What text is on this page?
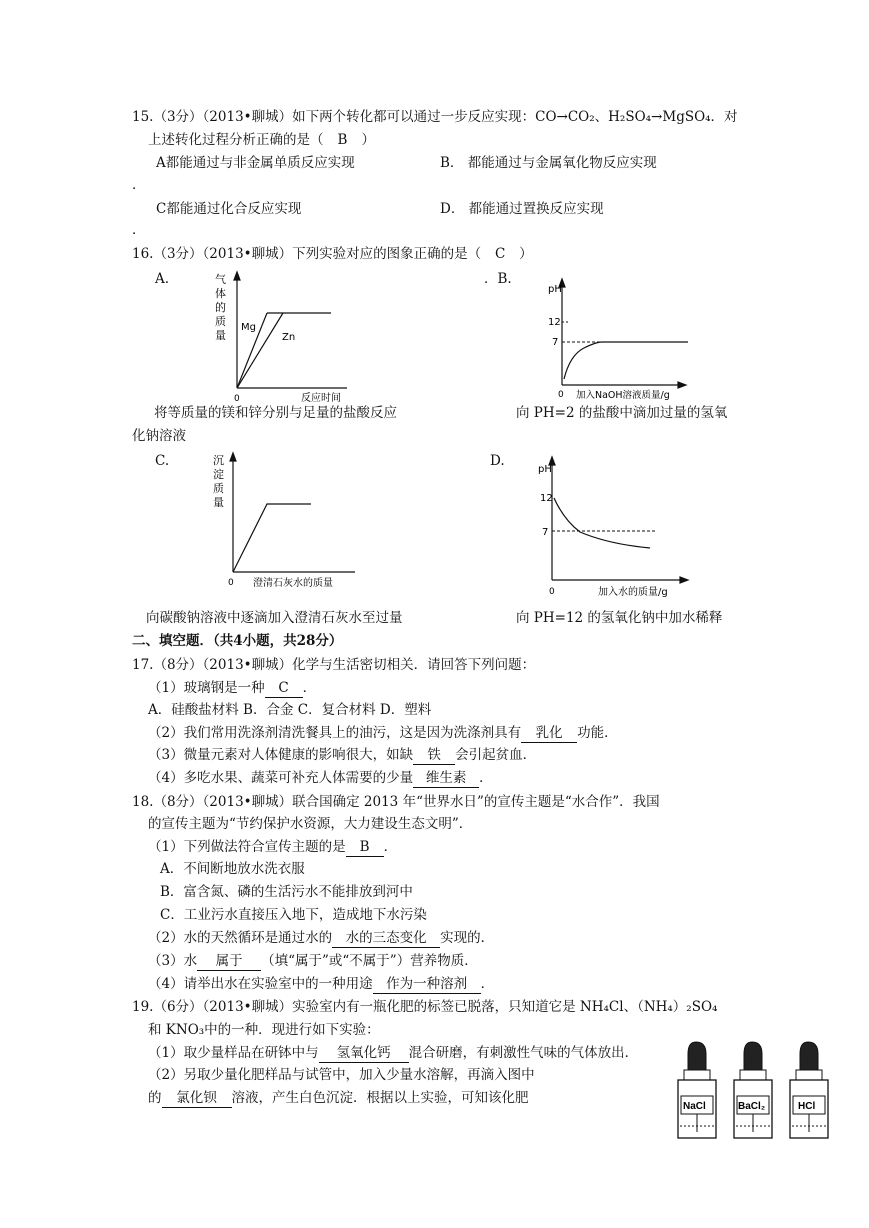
15.（3分）（2013•聊城）如下两个转化都可以通过一步反应实现：CO→CO₂、H₂SO₄→MgSO₄．对
上述转化过程分析正确的是（ B ）
A都能通过与非金属单质反应实现	B． 都能通过与金属氧化物反应实现
．
C都能通过化合反应实现	D． 都能通过置换反应实现
．
16.（3分）（2013•聊城）下列实验对应的图象正确的是（ C ）
A.	．B.
气
体
的
质
量
Mg
Zn
0	反应时间
pH
12
7
0 加入NaOH溶液质量/g
将等质量的镁和锌分别与足量的盐酸反应	向 PH=2 的盐酸中滴加过量的氢氧
化钠溶液
C.	D.
沉
淀
质
量
0 澄清石灰水的质量
pH
12
7
0	加入水的质量/g
向碳酸钠溶液中逐滴加入澄清石灰水至过量	向 PH=12 的氢氧化钠中加水稀释
二、填空题．（共4小题，共28分）
17.（8分）（2013•聊城）化学与生活密切相关．请回答下列问题：
（1）玻璃钢是一种 C ．
A．硅酸盐材料 B．合金 C．复合材料 D．塑料
（2）我们常用洗涤剂清洗餐具上的油污，这是因为洗涤剂具有 乳化 功能．
（3）微量元素对人体健康的影响很大，如缺 铁 会引起贫血．
（4）多吃水果、蔬菜可补充人体需要的少量 维生素 ．
18.（8分）（2013•聊城）联合国确定 2013 年“世界水日”的宣传主题是“水合作”．我国
的宣传主题为“节约保护水资源，大力建设生态文明”．
（1）下列做法符合宣传主题的是 B ．
A．不间断地放水洗衣服
B．富含氮、磷的生活污水不能排放到河中
C．工业污水直接压入地下，造成地下水污染
（2）水的天然循环是通过水的 水的三态变化 实现的．
（3）水 属于 （填“属于”或“不属于”）营养物质．
（4）请举出水在实验室中的一种用途 作为一种溶剂 ．
19.（6分）（2013•聊城）实验室内有一瓶化肥的标签已脱落，只知道它是 NH₄Cl、（NH₄）₂SO₄
和 KNO₃中的一种．现进行如下实验：
（1）取少量样品在研钵中与 氢氧化钙 混合研磨，有刺激性气味的气体放出．
（2）另取少量化肥样品与试管中，加入少量水溶解，再滴入图中
的 氯化钡 溶液，产生白色沉淀．根据以上实验，可知该化肥
NaCl	BaCl₂	HCl
